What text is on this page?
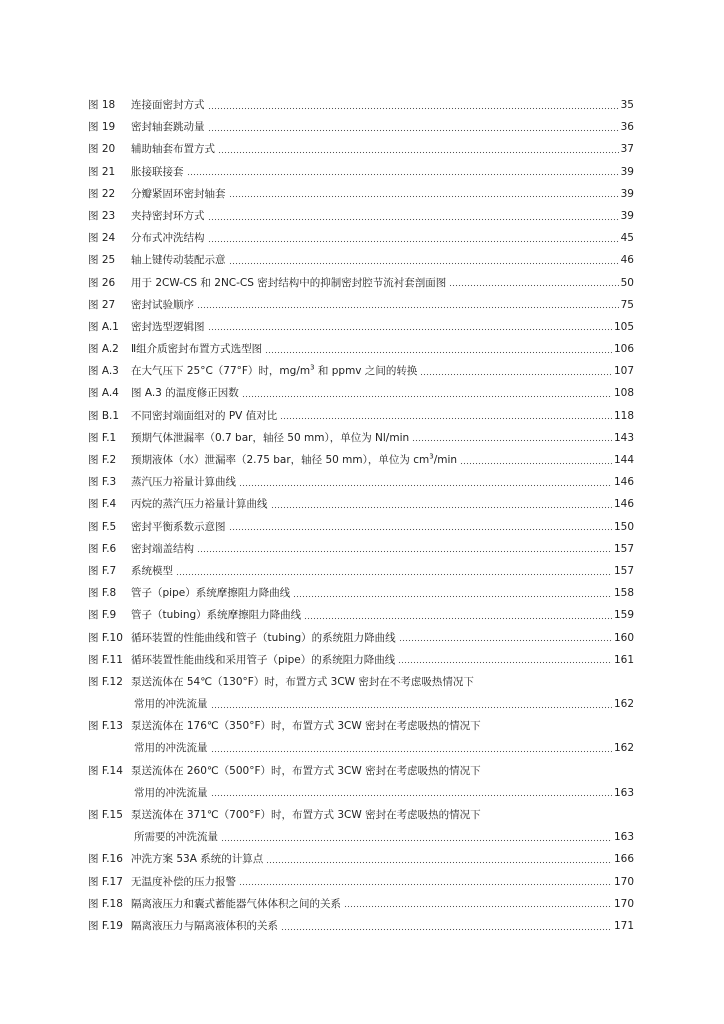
图 18	连接面密封方式	35
图 19	密封轴套跳动量	36
图 20	辅助轴套布置方式	37
图 21	胀接联接套	39
图 22	分瓣紧固环密封轴套	39
图 23	夹持密封环方式	39
图 24	分布式冲洗结构	45
图 25	轴上键传动装配示意	46
图 26	用于 2CW-CS 和 2NC-CS 密封结构中的抑制密封腔节流衬套剖面图	50
图 27	密封试验顺序	75
图 A.1	密封选型逻辑图	105
图 A.2	Ⅱ组介质密封布置方式选型图	106
图 A.3	在大气压下 25°C（77°F）时，$mg/m^3$ 和 ppmv 之间的转换	107
图 A.4	图 A.3 的温度修正因数	108
图 B.1	不同密封端面组对的 PV 值对比	118
图 F.1	预期气体泄漏率（0.7 bar，轴径 50 mm），单位为 Nl/min	143
图 F.2	预期液体（水）泄漏率（2.75 bar，轴径 50 mm），单位为 $cm^3/\min$	144
图 F.3	蒸汽压力裕量计算曲线	146
图 F.4	丙烷的蒸汽压力裕量计算曲线	146
图 F.5	密封平衡系数示意图	150
图 F.6	密封端盖结构	157
图 F.7	系统模型	157
图 F.8	管子（pipe）系统摩擦阻力降曲线	158
图 F.9	管子（tubing）系统摩擦阻力降曲线	159
图 F.10 循环装置的性能曲线和管子（tubing）的系统阻力降曲线	160
图 F.11 循环装置性能曲线和采用管子（pipe）的系统阻力降曲线	161
图 F.12 泵送流体在 54℃（130°F）时，布置方式 3CW 密封在不考虑吸热情况下
常用的冲洗流量	162
图 F.13 泵送流体在 176℃（350°F）时，布置方式 3CW 密封在考虑吸热的情况下
常用的冲洗流量	162
图 F.14 泵送流体在 260℃（500°F）时，布置方式 3CW 密封在考虑吸热的情况下
常用的冲洗流量	163
图 F.15 泵送流体在 371℃（700°F）时，布置方式 3CW 密封在考虑吸热的情况下
所需要的冲洗流量	163
图 F.16 冲洗方案 53A 系统的计算点	166
图 F.17 无温度补偿的压力报警	170
图 F.18 隔离液压力和囊式蓄能器气体体积之间的关系	170
图 F.19 隔离液压力与隔离液体积的关系	171
